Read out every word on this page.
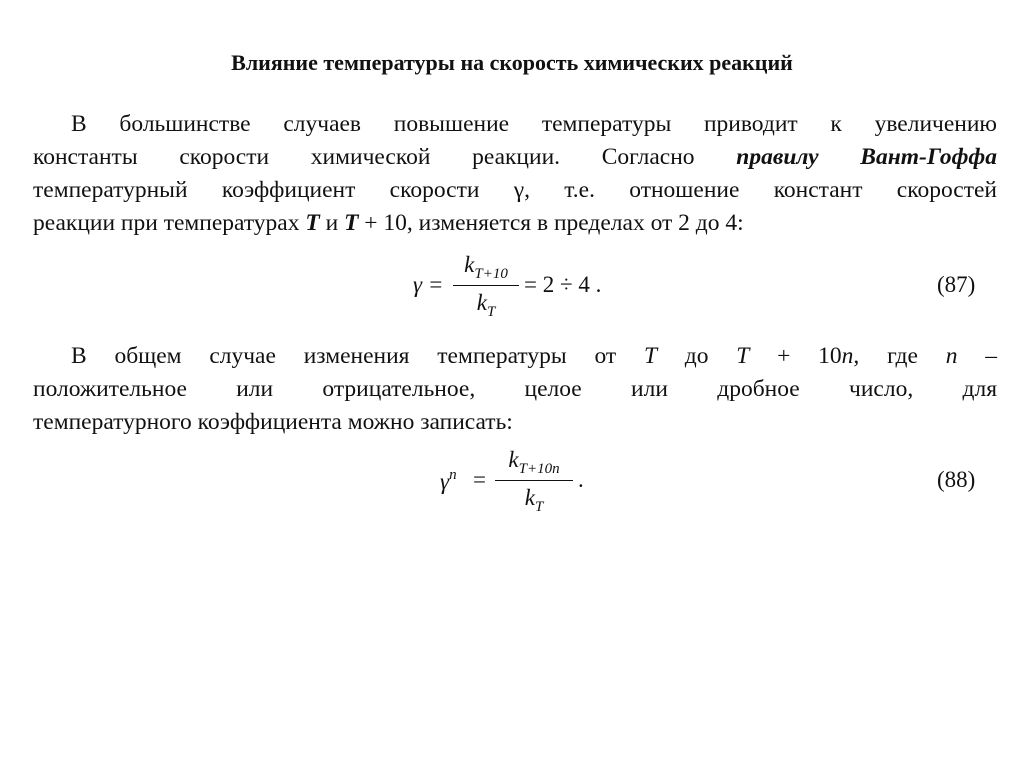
Влияние температуры на скорость химических реакций
В большинстве случаев повышение температуры приводит к увеличению
константы скорости химической реакции. Согласно правилу Вант-Гоффа
температурный коэффициент скорости γ, т.е. отношение констант скоростей
реакции при температурах T и T + 10, изменяется в пределах от 2 до 4:
γ =
$k_{T+10}$
$k_T$
= 2 ÷ 4 .	(87)
В общем случае изменения температуры от T до T + 10n, где n –
положительное или отрицательное, целое или дробное число, для
температурного коэффициента можно записать:
$\gamma^n$ =
$k_{T+10n}$
$k_T$
.	(88)
